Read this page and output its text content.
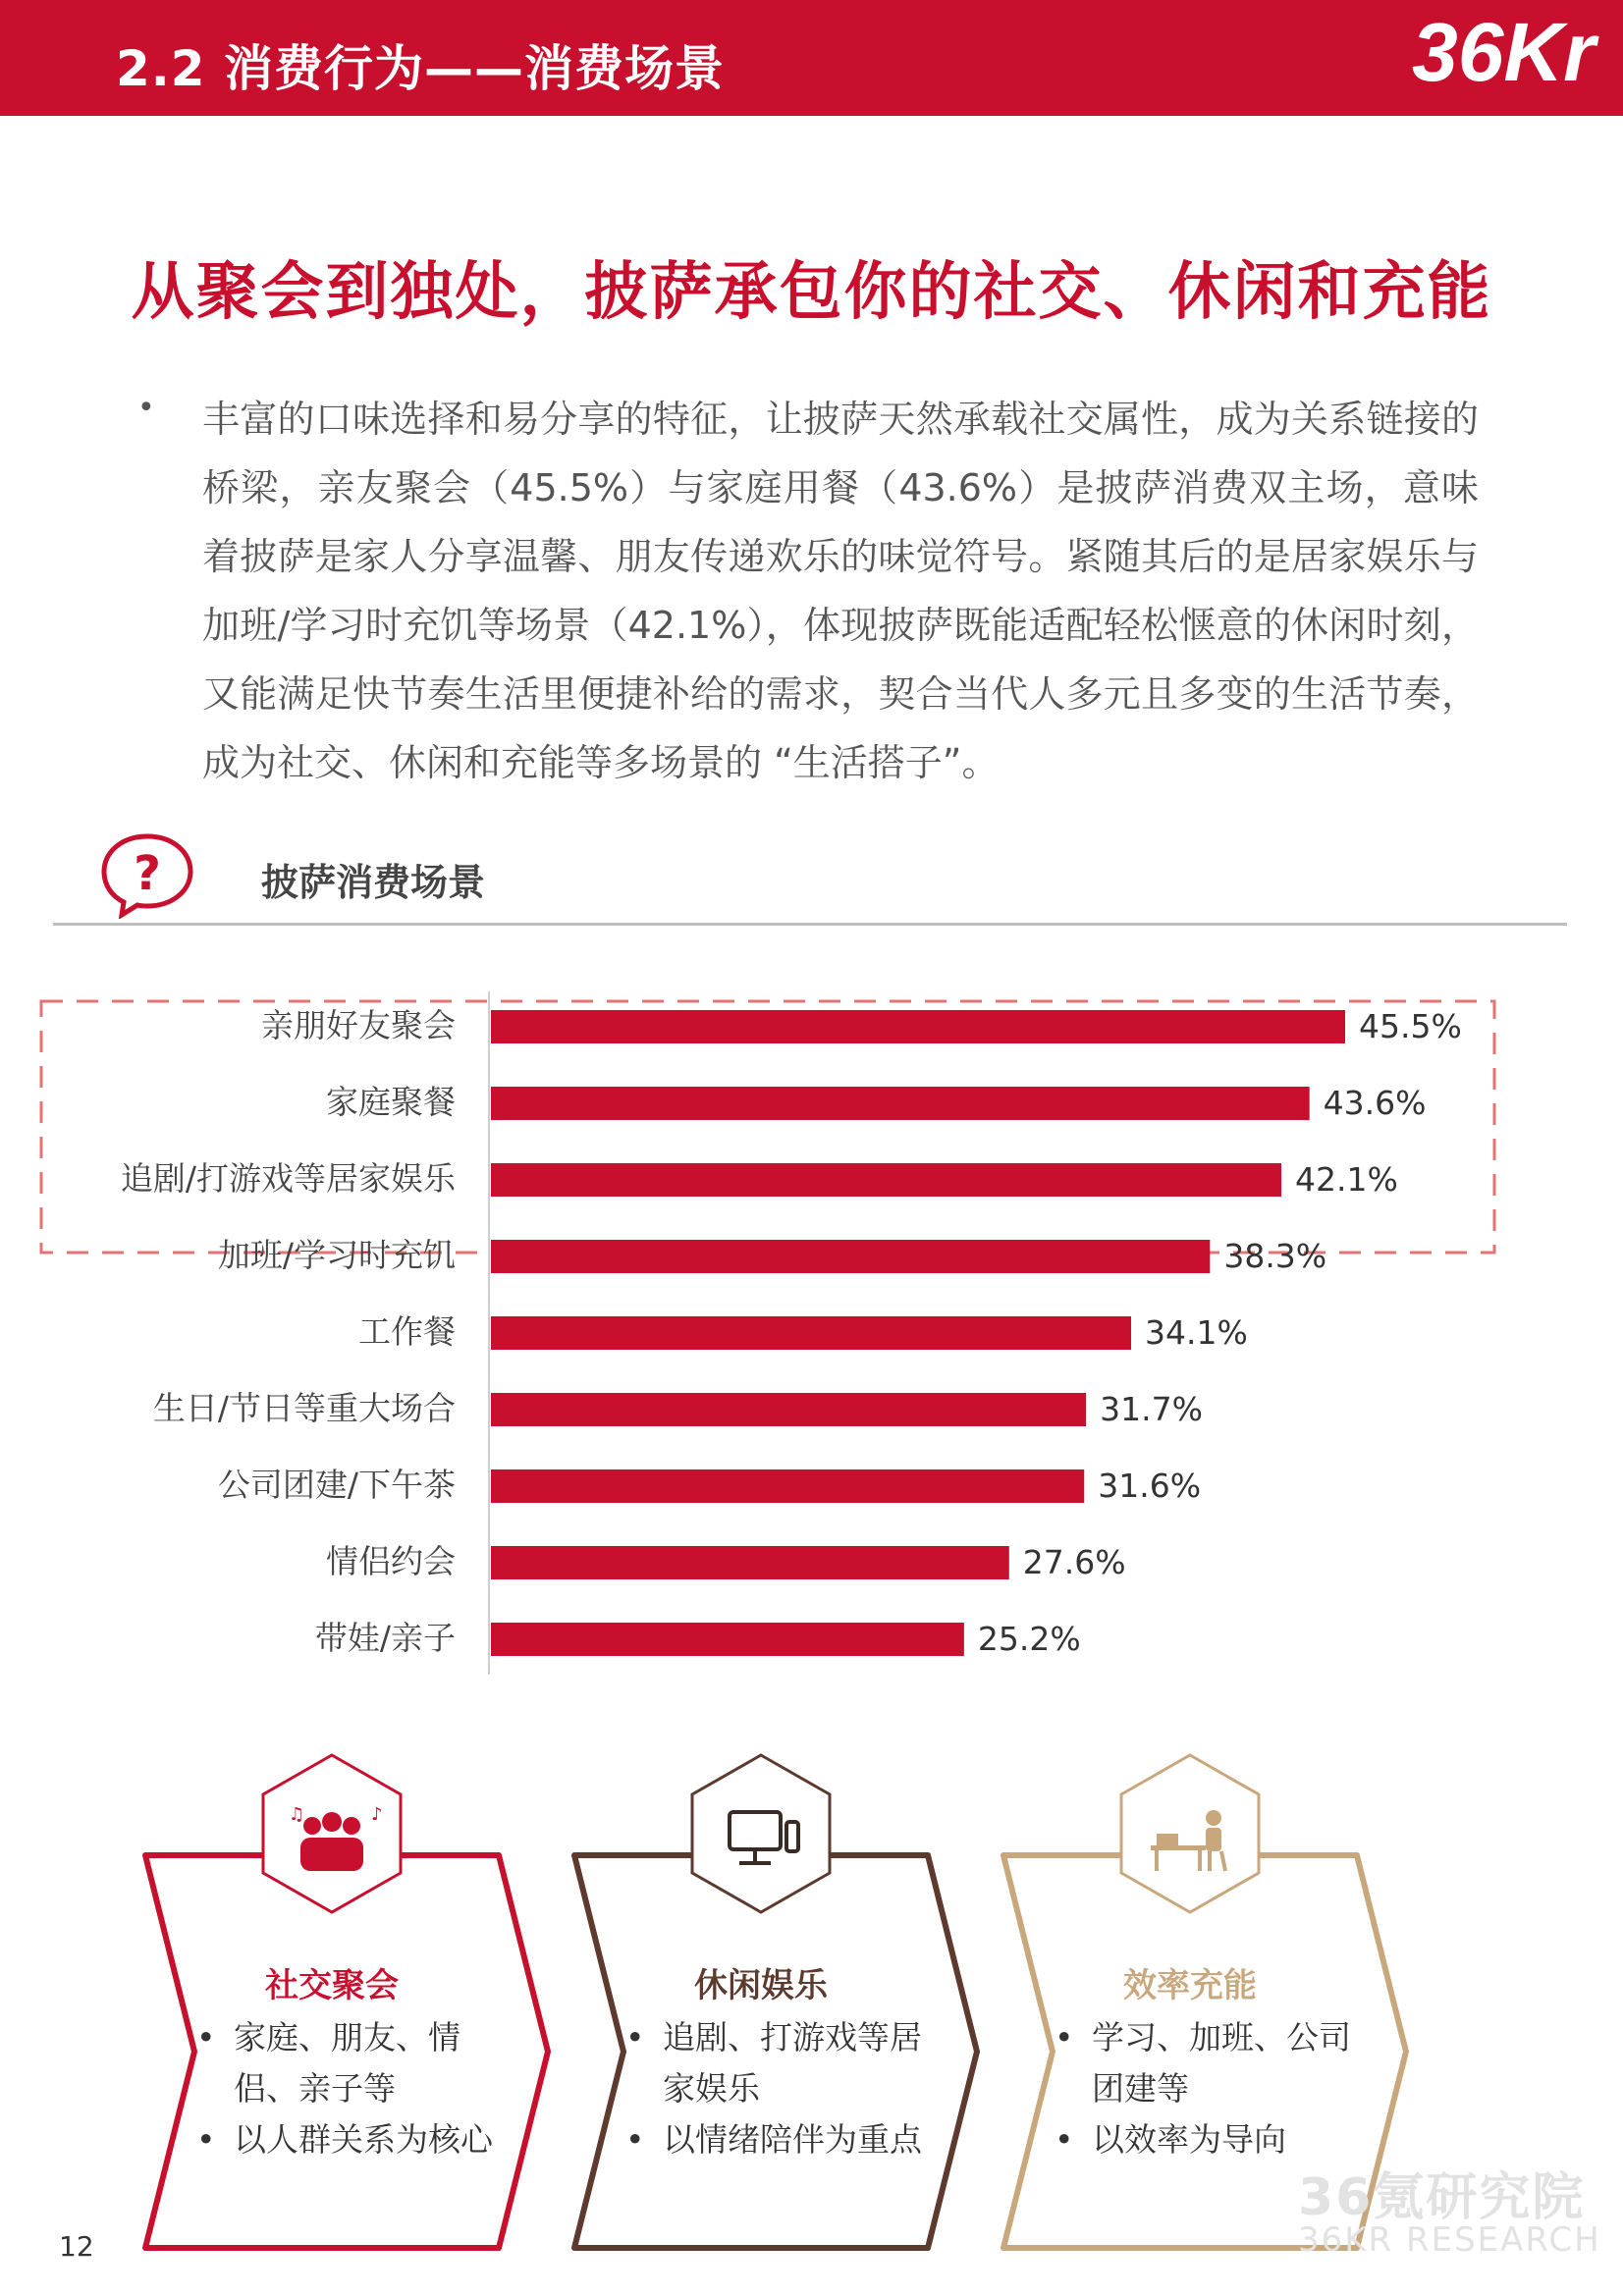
2.2 消费行为——消费场景	36Kr
从聚会到独处，披萨承包你的社交、休闲和充能
• 丰富的口味选择和易分享的特征，让披萨天然承载社交属性，成为关系链接的桥梁，亲友聚会（45.5%）与家庭用餐（43.6%）是披萨消费双主场，意味着披萨是家人分享温馨、朋友传递欢乐的味觉符号。紧随其后的是居家娱乐与加班/学习时充饥等场景（42.1%），体现披萨既能适配轻松惬意的休闲时刻，又能满足快节奏生活里便捷补给的需求，契合当代人多元且多变的生活节奏，成为社交、休闲和充能等多场景的 “生活搭子”。
?	披萨消费场景
亲朋好友聚会	45.5%
家庭聚餐	43.6%
追剧/打游戏等居家娱乐	42.1%
加班/学习时充饥	38.3%
工作餐	34.1%
生日/节日等重大场合	31.7%
公司团建/下午茶	31.6%
情侣约会	27.6%
带娃/亲子	25.2%
♪
♫
社交聚会
• 家庭、朋友、情侣、亲子等
• 以人群关系为核心
休闲娱乐
• 追剧、打游戏等居家娱乐
• 以情绪陪伴为重点
效率充能
• 学习、加班、公司团建等
• 以效率为导向
12
36氪研究院
36KR RESEARCH
